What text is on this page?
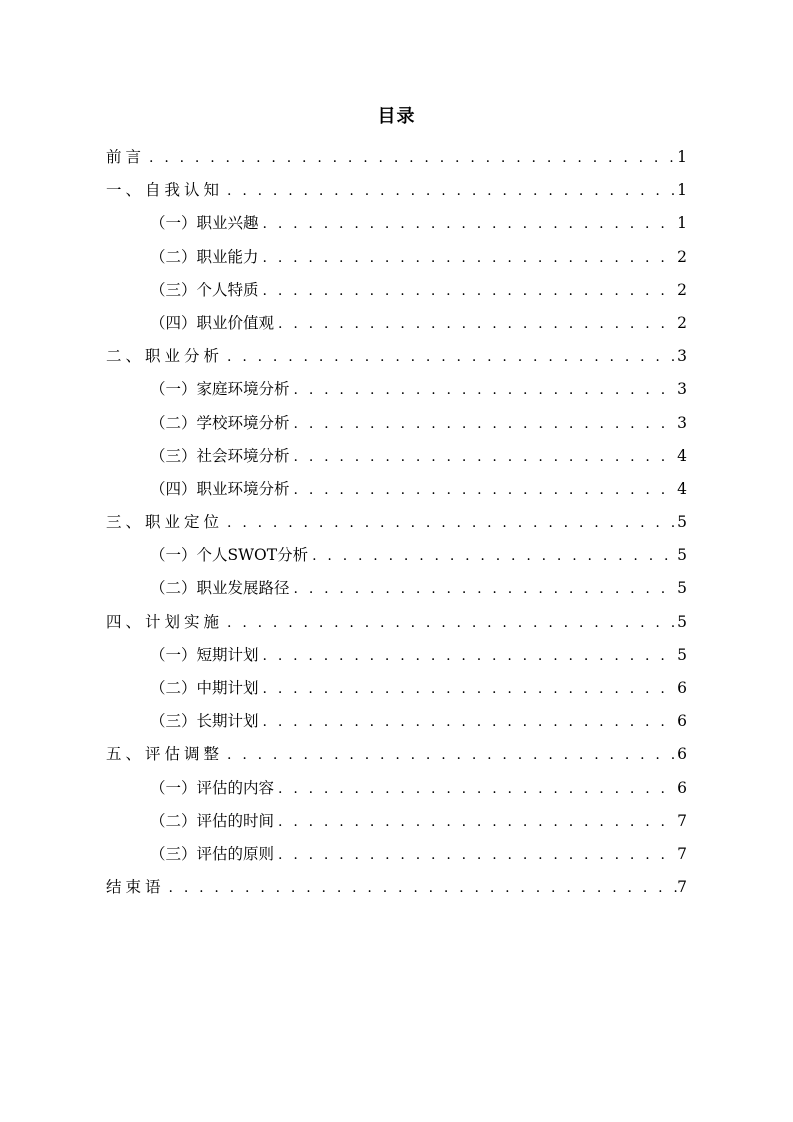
目录
前言 . . .	1
一、自我认知 . . .	1
（一）职业兴趣 . . .	1
（二）职业能力 . . .	2
（三）个人特质 . . .	2
（四）职业价值观 . . .	2
二、职业分析 . . .	3
（一）家庭环境分析 . . .	3
（二）学校环境分析 . . .	3
（三）社会环境分析 . . .	4
（四）职业环境分析 . . .	4
三、职业定位 . . .	5
（一）个人SWOT分析 . . .	5
（二）职业发展路径 . . .	5
四、计划实施 . . .	5
（一）短期计划 . . .	5
（二）中期计划 . . .	6
（三）长期计划 . . .	6
五、评估调整 . . .	6
（一）评估的内容 . . .	6
（二）评估的时间 . . .	7
（三）评估的原则 . . .	7
结束语 . . .	7
